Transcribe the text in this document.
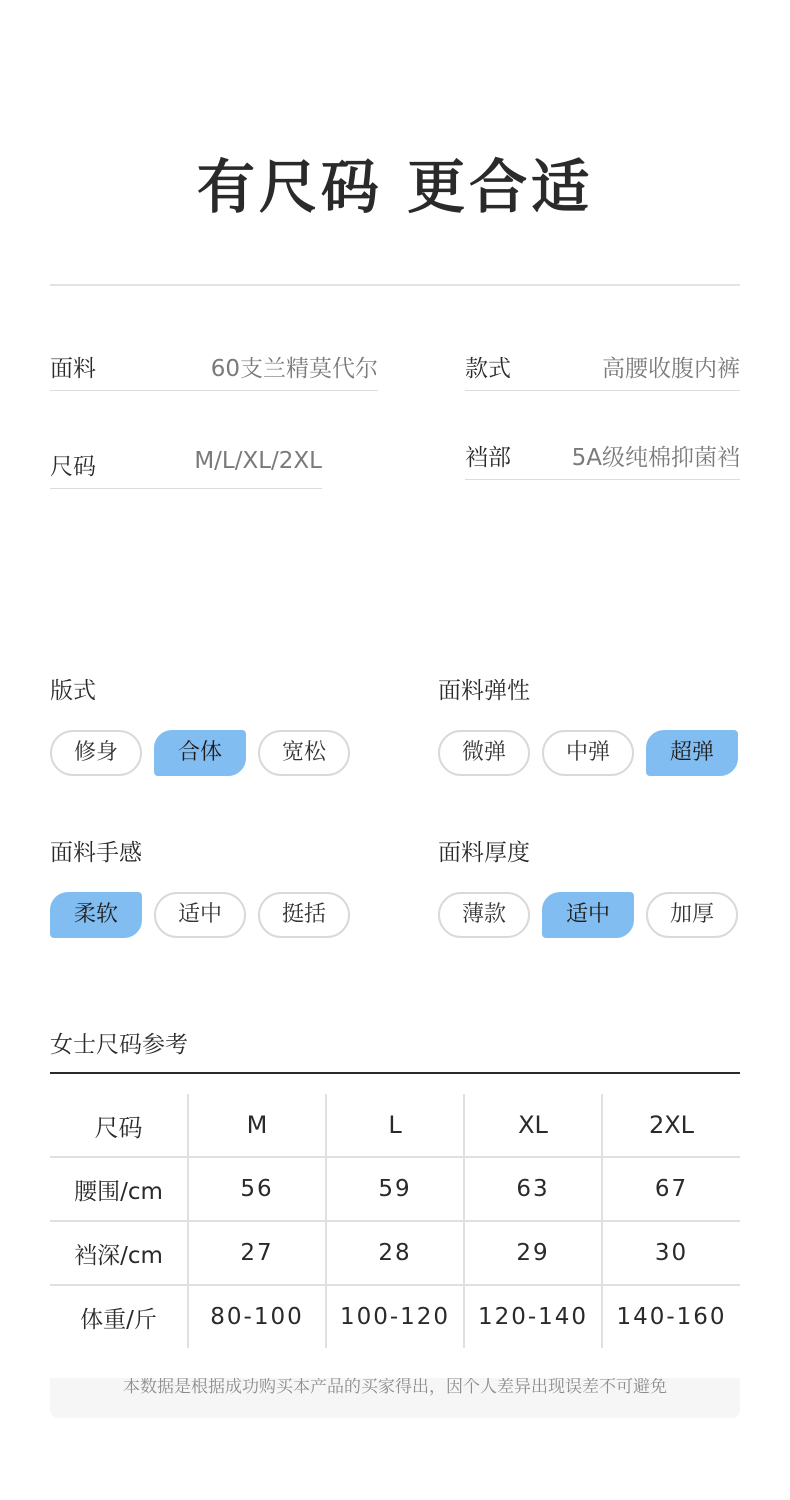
有尺码 更合适
面料	60支兰精莫代尔	款式	高腰收腹内裤
尺码	M/L/XL/2XL	裆部	5A级纯棉抑菌裆
版式
修身	合体	宽松
面料弹性
微弹	中弹	超弹
面料手感
柔软	适中	挺括
面料厚度
薄款	适中	加厚
女士尺码参考
尺码	M	L	XL	2XL
腰围/cm	56	59	63	67
裆深/cm	27	28	29	30
体重/斤	80-100	100-120	120-140	140-160
本数据是根据成功购买本产品的买家得出，因个人差异出现误差不可避免
